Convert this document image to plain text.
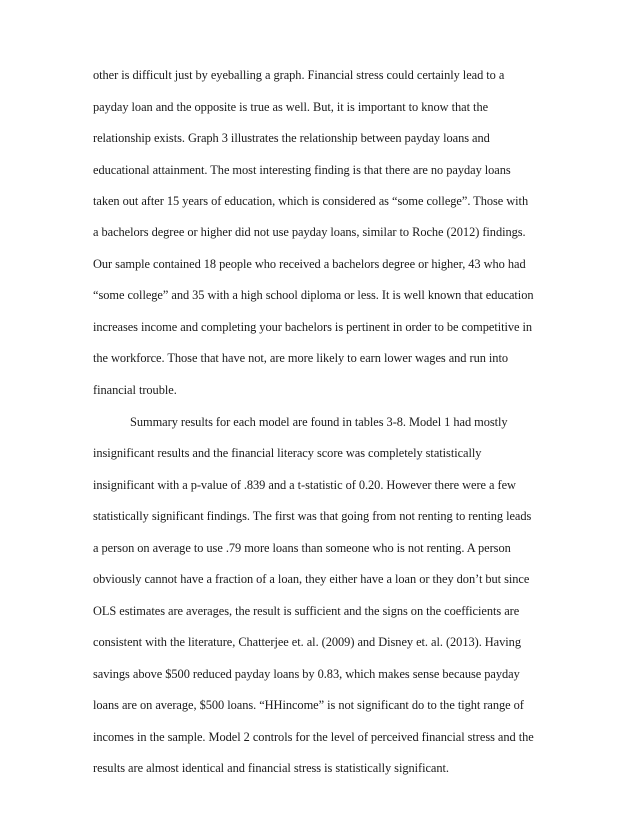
other is difficult just by eyeballing a graph. Financial stress could certainly lead to a
payday loan and the opposite is true as well. But, it is important to know that the
relationship exists. Graph 3 illustrates the relationship between payday loans and
educational attainment. The most interesting finding is that there are no payday loans
taken out after 15 years of education, which is considered as “some college”. Those with
a bachelors degree or higher did not use payday loans, similar to Roche (2012) findings.
Our sample contained 18 people who received a bachelors degree or higher, 43 who had
“some college” and 35 with a high school diploma or less. It is well known that education
increases income and completing your bachelors is pertinent in order to be competitive in
the workforce. Those that have not, are more likely to earn lower wages and run into
financial trouble.
Summary results for each model are found in tables 3-8. Model 1 had mostly
insignificant results and the financial literacy score was completely statistically
insignificant with a p-value of .839 and a t-statistic of 0.20. However there were a few
statistically significant findings. The first was that going from not renting to renting leads
a person on average to use .79 more loans than someone who is not renting. A person
obviously cannot have a fraction of a loan, they either have a loan or they don’t but since
OLS estimates are averages, the result is sufficient and the signs on the coefficients are
consistent with the literature, Chatterjee et. al. (2009) and Disney et. al. (2013). Having
savings above $500 reduced payday loans by 0.83, which makes sense because payday
loans are on average, $500 loans. “HHincome” is not significant do to the tight range of
incomes in the sample. Model 2 controls for the level of perceived financial stress and the
results are almost identical and financial stress is statistically significant.
